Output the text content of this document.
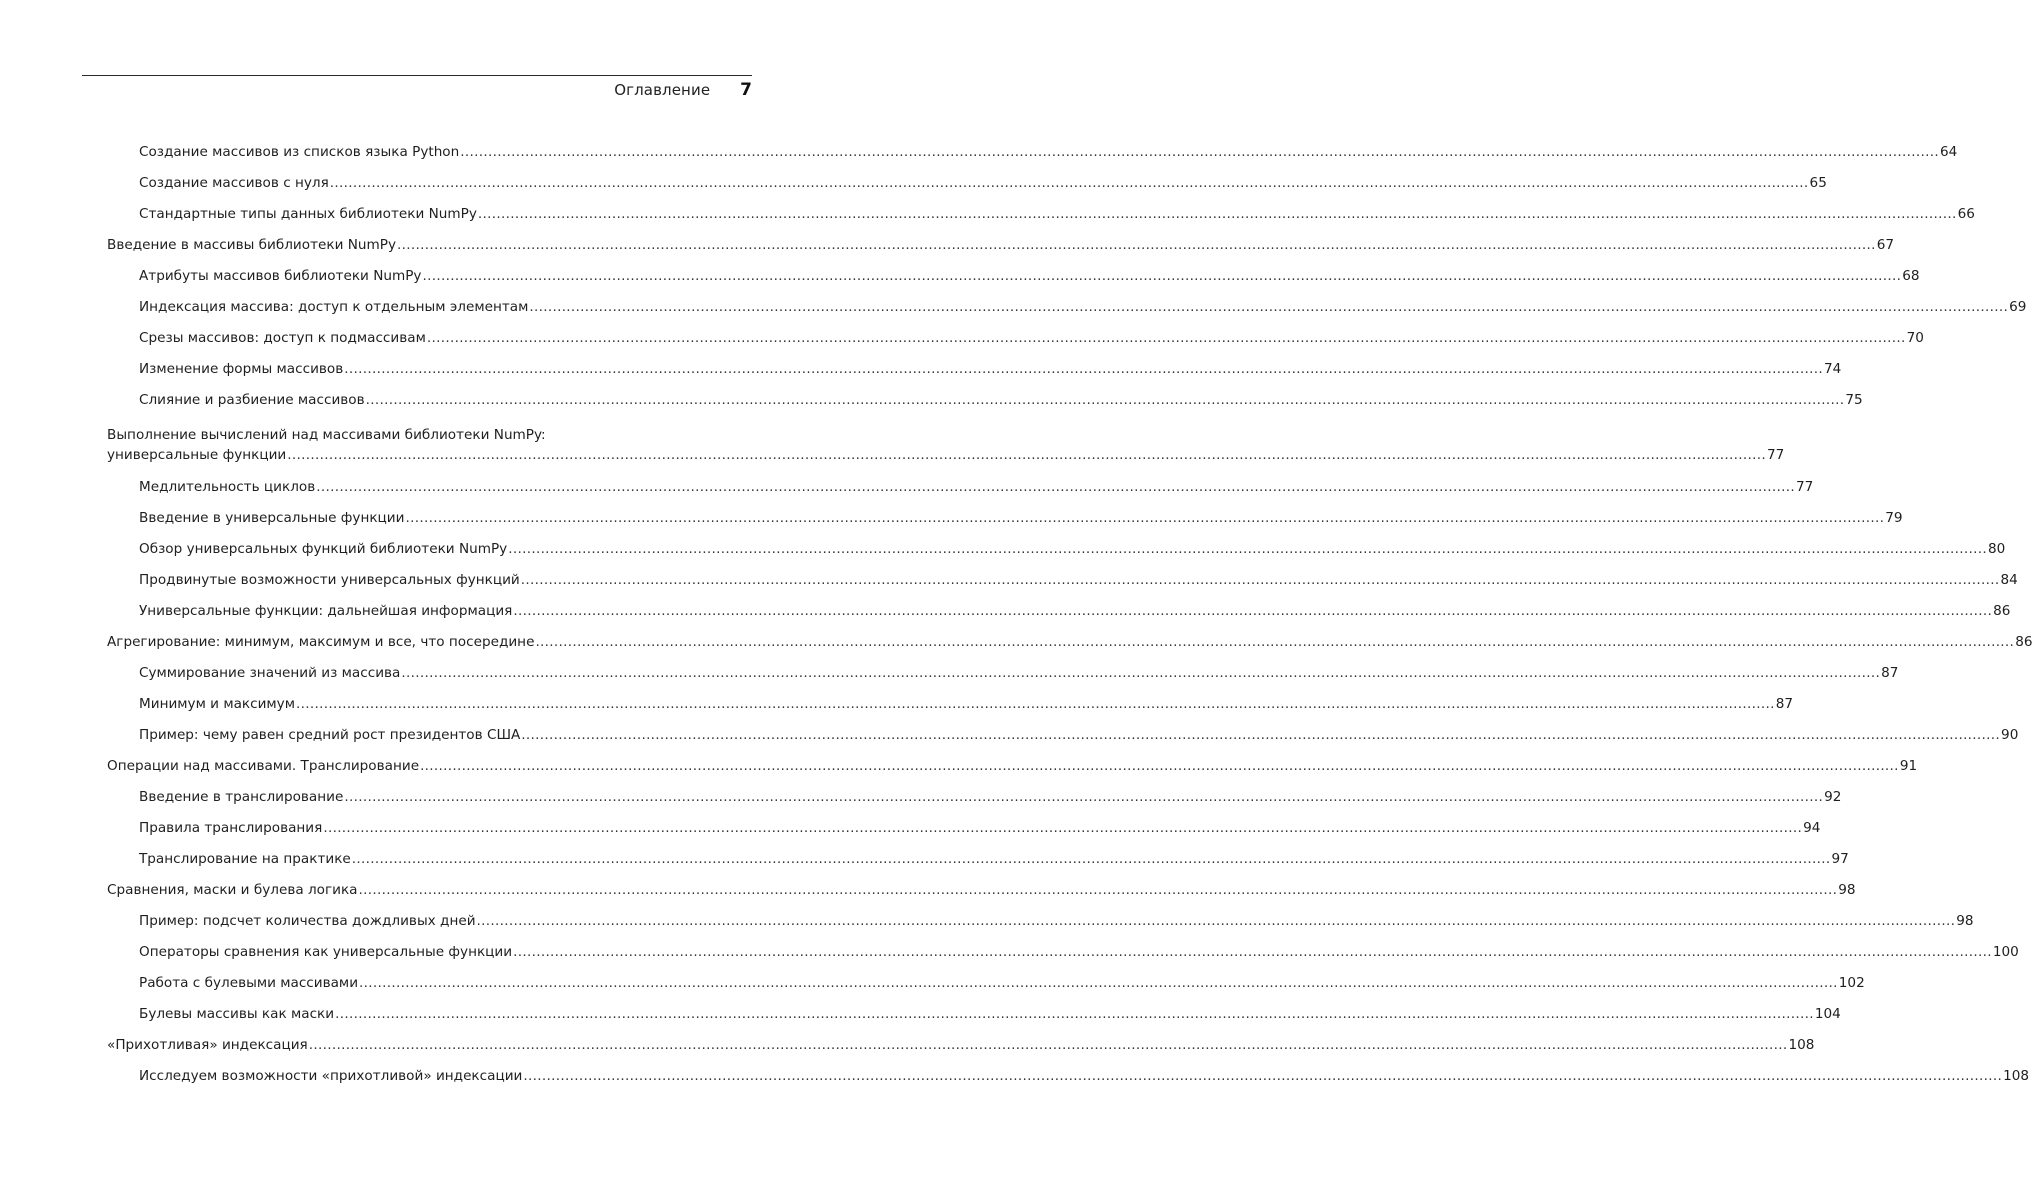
Оглавление 7
Создание массивов из списков языка Python .....	64
Создание массивов с нуля .....	65
Стандартные типы данных библиотеки NumPy .....	66
Введение в массивы библиотеки NumPy .....	67
Атрибуты массивов библиотеки NumPy .....	68
Индексация массива: доступ к отдельным элементам .....	69
Срезы массивов: доступ к подмассивам .....	70
Изменение формы массивов .....	74
Слияние и разбиение массивов .....	75
Выполнение вычислений над массивами библиотеки NumPy:
универсальные функции .....	77
Медлительность циклов .....	77
Введение в универсальные функции .....	79
Обзор универсальных функций библиотеки NumPy .....	80
Продвинутые возможности универсальных функций .....	84
Универсальные функции: дальнейшая информация .....	86
Агрегирование: минимум, максимум и все, что посередине .....	86
Суммирование значений из массива .....	87
Минимум и максимум .....	87
Пример: чему равен средний рост президентов США .....	90
Операции над массивами. Транслирование .....	91
Введение в транслирование .....	92
Правила транслирования .....	94
Транслирование на практике .....	97
Сравнения, маски и булева логика .....	98
Пример: подсчет количества дождливых дней .....	98
Операторы сравнения как универсальные функции .....	100
Работа с булевыми массивами .....	102
Булевы массивы как маски .....	104
«Прихотливая» индексация .....	108
Исследуем возможности «прихотливой» индексации .....	108
